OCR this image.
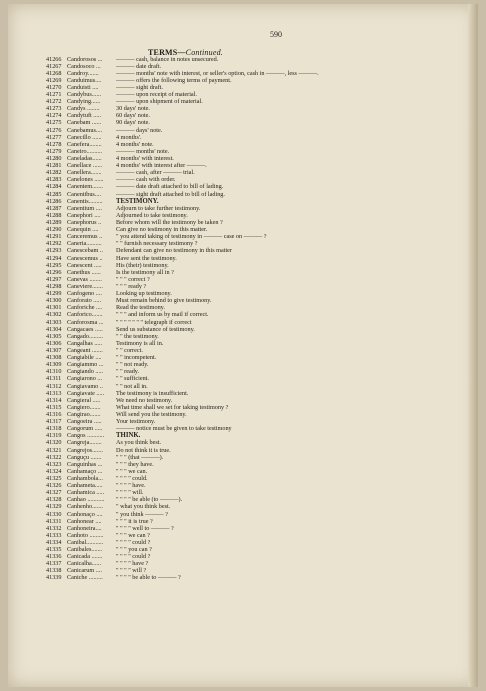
590
TERMS—Continued.
41266 Candorosos ... ——— cash, balance in notes unsecured.
41267 Candosoco ... ——— date draft.
41268 Candroy.......	——— months' note with interest, or seller's option, cash in ———, less ———.
41269 Canduimus.... ——— offers the following terms of payment.
41270 Canduisti ....	——— sight draft.
41271 Candybus...... ——— upon receipt of material.
41272 Candying......	——— upon shipment of material.
41273 Candys ........	30 days' note.
41274 Candytuft ..... 60 days' note.
41275 Canebam ...... 90 days' note.
41276 Canebamus.... ——— days' note.
41277 Canecillo ...... 4 months'.
41278 Canefera........ 4 months' note.
41279 Caneiro.......... ——— months' note.
41280 Caneladas...... 4 months' with interest.
41281 Canellace ...... 4 months' with interest after ———.
41282 Canellera....... ——— cash, after ——— trial.
41283 Canelones ...... ——— cash with order.
41284 Canentem....... ——— date draft attached to bill of lading.
41285 Canentibus.... ——— sight draft attached to bill of lading.
41286 Canentis......... TESTIMONY.
41287 Canentium .... Adjourn to take further testimony.
41288 Canephori .... Adjourned to take testimony.
41289 Canephorus .. Before whom will the testimony be taken ?
41290 Canequin ....	Can give no testimony in this matter.
41291 Canceremus .. " you attend taking of testimony in ——— case on ——— ?
41292 Caneria.......... " " furnish necessary testimony ?
41293 Canescebam .. Defendant can give no testimony in this matter
41294 Canescemus .. Have sent the testimony.
41295 Canescent ..... His (their) testimony.
41296 Canethus ...... Is the testimony all in ?
41297 Canevas ........ " " " correct ?
41298 Caneviere....... " " " ready ?
41299 Canfogeno .... Looking up testimony.
41300 Canforato ..... Must remain behind to give testimony.
41301 Canforiche .... Read the testimony.
41302 Canforico....... " " " and inform us by mail if correct.
41303 Canforosma ... " " " " " " " telegraph if correct
41304 Cangacaes ..... Send us substance of testimony.
41305 Cangado......... " " the testimony.
41306 Cangalhas ..... Testimony is all in.
41307 Cangeant ....... " " correct.
41308 Cangiabile .... " " incompetent.
41309 Cangiammo ... " " not ready.
41310 Cangiando ..... " " ready.
41311 Cangiarono ... " " sufficient.
41312 Cangiavamo .. " " not all in.
41313 Cangiavate ..... The testimony is insufficient.
41314 Cangieral .....	We need no testimony.
41315 Cangiero....... What time shall we set for taking testimony ?
41316 Cangirao....... Will send you the testimony.
41317 Cangoeira ..... Your testimony.
41318 Cangorum ..... ——— notice must be given to take testimony
41319 Cangos ........... THINK.
41320 Cangreja........ As you think best.
41321 Cangrejos....... Do not think it is true.
41322 Canguçu ....... " " " (that ———).
41323 Canguinhas ... " " " they have.
41324 Canhamaço ... " " " we can.
41325 Canhambola... " " " " could.
41326 Canhameta..... " " " " have.
41327 Canhamica ..... " " " " will.
41328 Canhao ........... " " " " be able (to ———).
41329 Canhenho....... " what you think best.
41330 Canhonaço .... " you think ——— ?
41331 Canhonear .... " " " it is true ?
41332 Canhoneira.... " " " " well to ——— ?
41333 Canhoto ......... " " " we can ?
41334 Canibal........... " " " " could ?
41335 Canibales....... " " " you can ?
41336 Canicada ....... " " " " could ?
41337 Canicalha...... " " " " have ?
41338 Canicarum .... " " " " will ?
41339 Caniche ......... " " " " be able to ——— ?
